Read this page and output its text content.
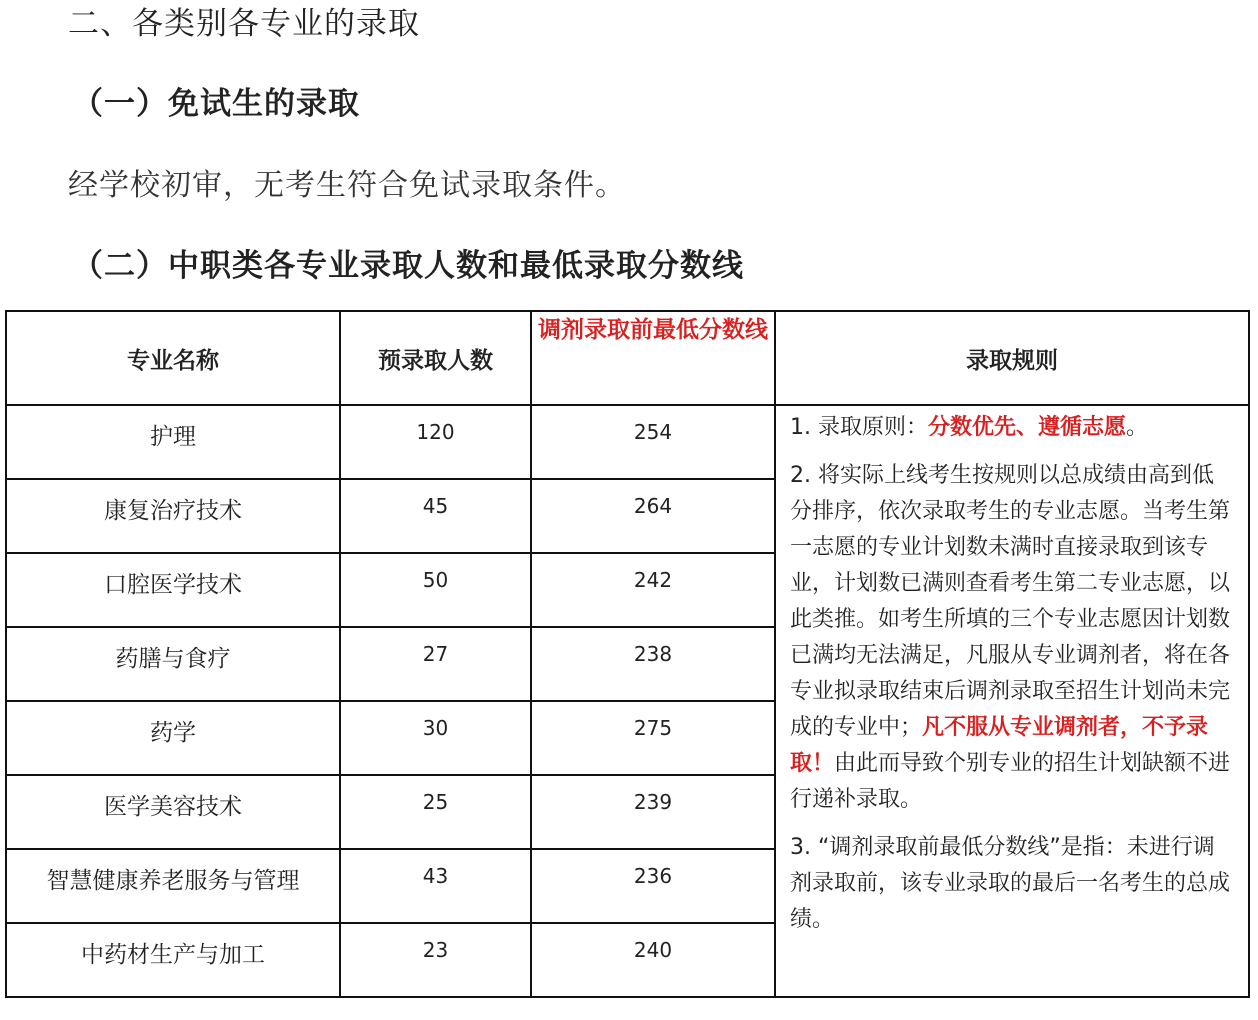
二、各类别各专业的录取
（一）免试生的录取

经学校初审，无考生符合免试录取条件。

（二）中职类各专业录取人数和最低录取分数线
专业名称	预录取人数	调剂录取前最低分数线	录取规则
护理	120	254	1. 录取原则：分数优先、遵循志愿。

2. 将实际上线考生按规则以总成绩由高到低分排序，依次录取考生的专业志愿。当考生第一志愿的专业计划数未满时直接录取到该专业，计划数已满则查看考生第二专业志愿，以此类推。如考生所填的三个专业志愿因计划数已满均无法满足，凡服从专业调剂者，将在各专业拟录取结束后调剂录取至招生计划尚未完成的专业中；凡不服从专业调剂者，不予录取！由此而导致个别专业的招生计划缺额不进行递补录取。

3. “调剂录取前最低分数线”是指：未进行调剂录取前，该专业录取的最后一名考生的总成绩。

康复治疗技术	45	264	
口腔医学技术	50	242	
药膳与食疗	27	238	
药学	30	275	
医学美容技术	25	239	
智慧健康养老服务与管理	43	236	
中药材生产与加工	23	240	
